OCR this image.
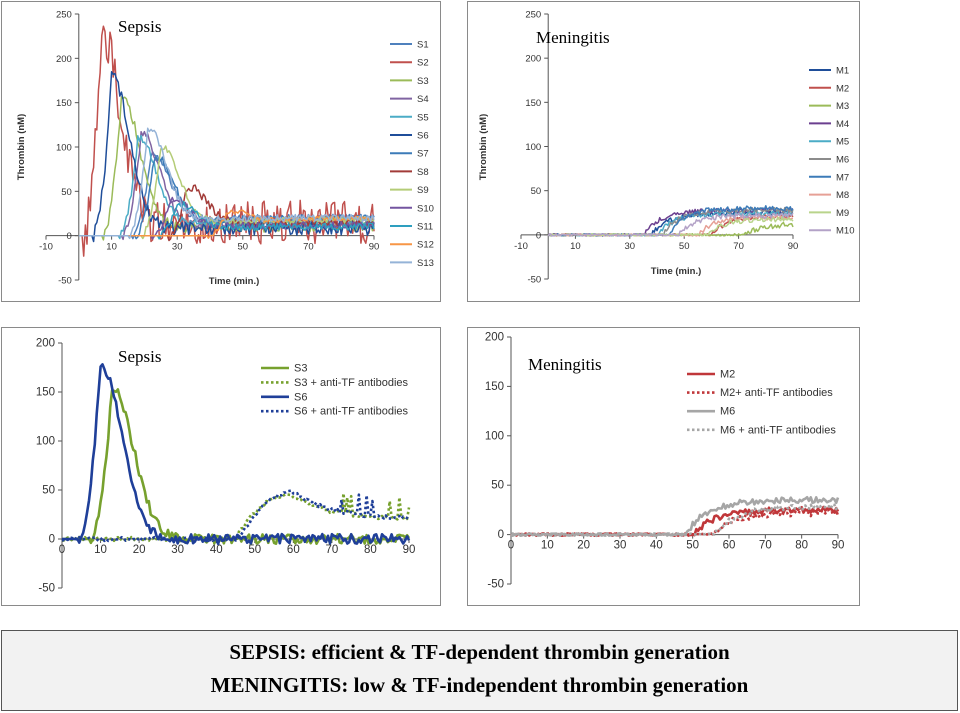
250
200
150
100
50
0
-50
-10	10	30	50	70	90
Sepsis
Time (min.)
Thrombin (nM)
S1
S2
S3
S4
S5
S6
S7
S8
S9
S10
S11
S12
S13
250
200
150
100
50
0
-50
-10	10	30	50	70	90
Meningitis
Time (min.)
Thrombin (nM)
M1
M2
M3
M4
M5
M6
M7
M8
M9
M10
200
150
100
50
0
-50
0	10 20 30 40 50 60 70 80 90
Sepsis
S3
S3 + anti-TF antibodies
S6
S6 + anti-TF antibodies
200
150
100
50
0
-50
0 10 20 30 40 50 60 70 80 90
Meningitis
M2
M2+ anti-TF antibodies
M6
M6 + anti-TF antibodies
SEPSIS: efficient & TF-dependent thrombin generation
MENINGITIS: low & TF-independent thrombin generation
